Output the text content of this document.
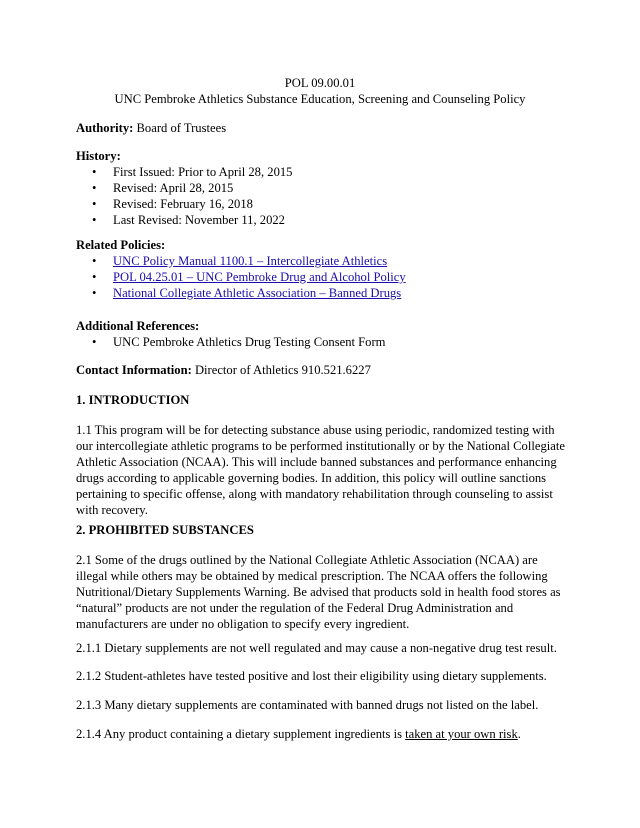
POL 09.00.01
UNC Pembroke Athletics Substance Education, Screening and Counseling Policy
Authority: Board of Trustees
History:
• First Issued: Prior to April 28, 2015
• Revised: April 28, 2015
• Revised: February 16, 2018
• Last Revised: November 11, 2022
Related Policies:
• UNC Policy Manual 1100.1 – Intercollegiate Athletics
• POL 04.25.01 – UNC Pembroke Drug and Alcohol Policy
• National Collegiate Athletic Association – Banned Drugs
Additional References:
• UNC Pembroke Athletics Drug Testing Consent Form
Contact Information: Director of Athletics 910.521.6227
1. INTRODUCTION

1.1 This program will be for detecting substance abuse using periodic, randomized testing with our intercollegiate athletic programs to be performed institutionally or by the National Collegiate Athletic Association (NCAA). This will include banned substances and performance enhancing drugs according to applicable governing bodies. In addition, this policy will outline sanctions pertaining to specific offense, along with mandatory rehabilitation through counseling to assist with recovery.

2. PROHIBITED SUBSTANCES

2.1 Some of the drugs outlined by the National Collegiate Athletic Association (NCAA) are illegal while others may be obtained by medical prescription. The NCAA offers the following Nutritional/Dietary Supplements Warning. Be advised that products sold in health food stores as “natural” products are not under the regulation of the Federal Drug Administration and manufacturers are under no obligation to specify every ingredient.

2.1.1 Dietary supplements are not well regulated and may cause a non-negative drug test result.

2.1.2 Student-athletes have tested positive and lost their eligibility using dietary supplements.

2.1.3 Many dietary supplements are contaminated with banned drugs not listed on the label.

2.1.4 Any product containing a dietary supplement ingredients is taken at your own risk.
